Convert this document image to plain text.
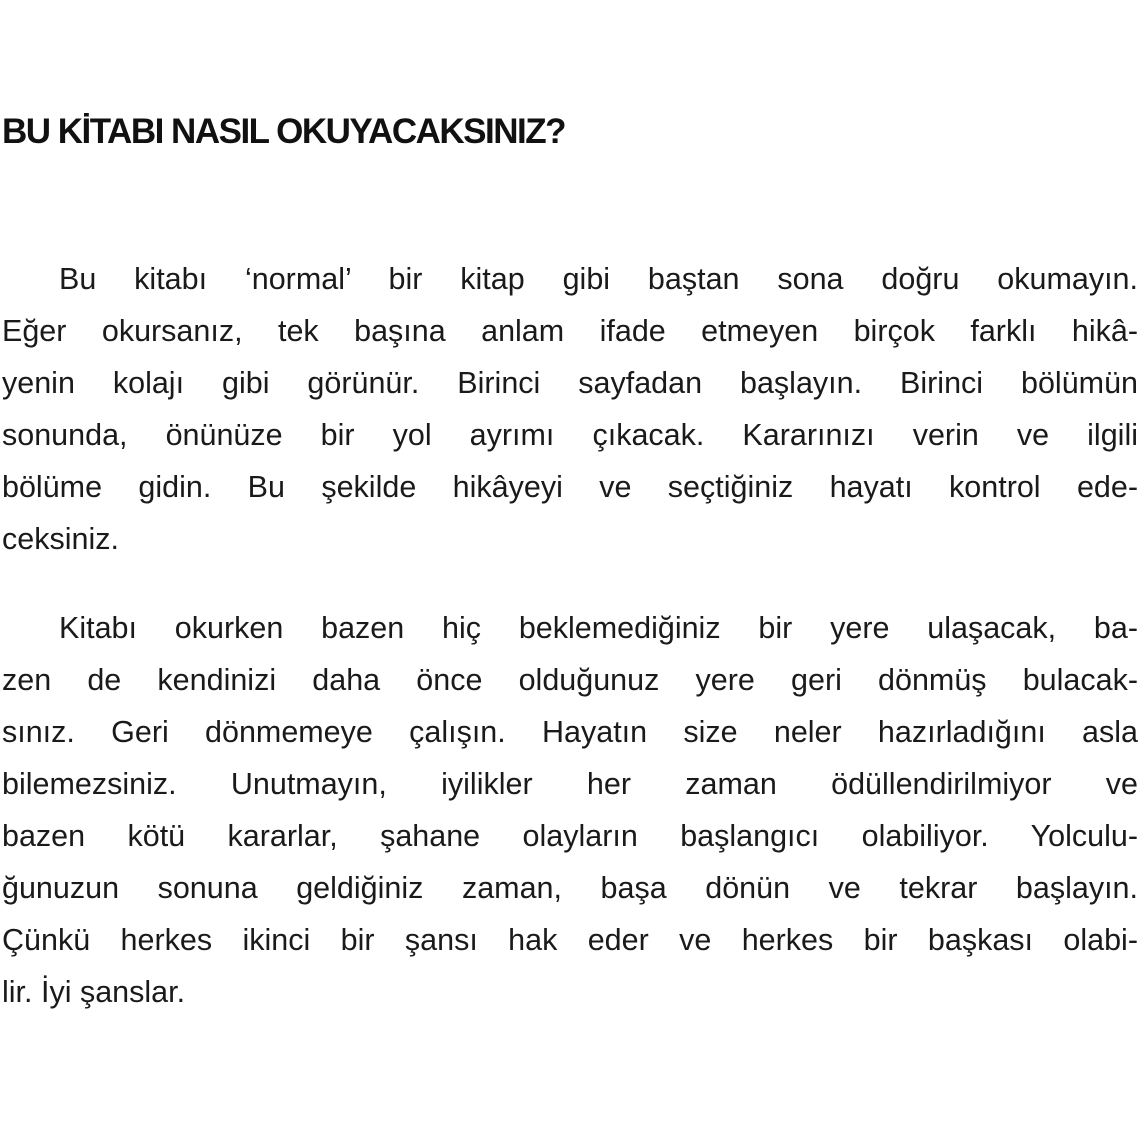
BU KİTABI NASIL OKUYACAKSINIZ?
Bu kitabı ‘normal’ bir kitap gibi baştan sona doğru okumayın.
Eğer okursanız, tek başına anlam ifade etmeyen birçok farklı hikâ-
yenin kolajı gibi görünür. Birinci sayfadan başlayın. Birinci bölümün
sonunda, önünüze bir yol ayrımı çıkacak. Kararınızı verin ve ilgili
bölüme gidin. Bu şekilde hikâyeyi ve seçtiğiniz hayatı kontrol ede-
ceksiniz.
Kitabı okurken bazen hiç beklemediğiniz bir yere ulaşacak, ba-
zen de kendinizi daha önce olduğunuz yere geri dönmüş bulacak-
sınız. Geri dönmemeye çalışın. Hayatın size neler hazırladığını asla
bilemezsiniz. Unutmayın, iyilikler her zaman ödüllendirilmiyor ve
bazen kötü kararlar, şahane olayların başlangıcı olabiliyor. Yolculu-
ğunuzun sonuna geldiğiniz zaman, başa dönün ve tekrar başlayın.
Çünkü herkes ikinci bir şansı hak eder ve herkes bir başkası olabi-
lir. İyi şanslar.
